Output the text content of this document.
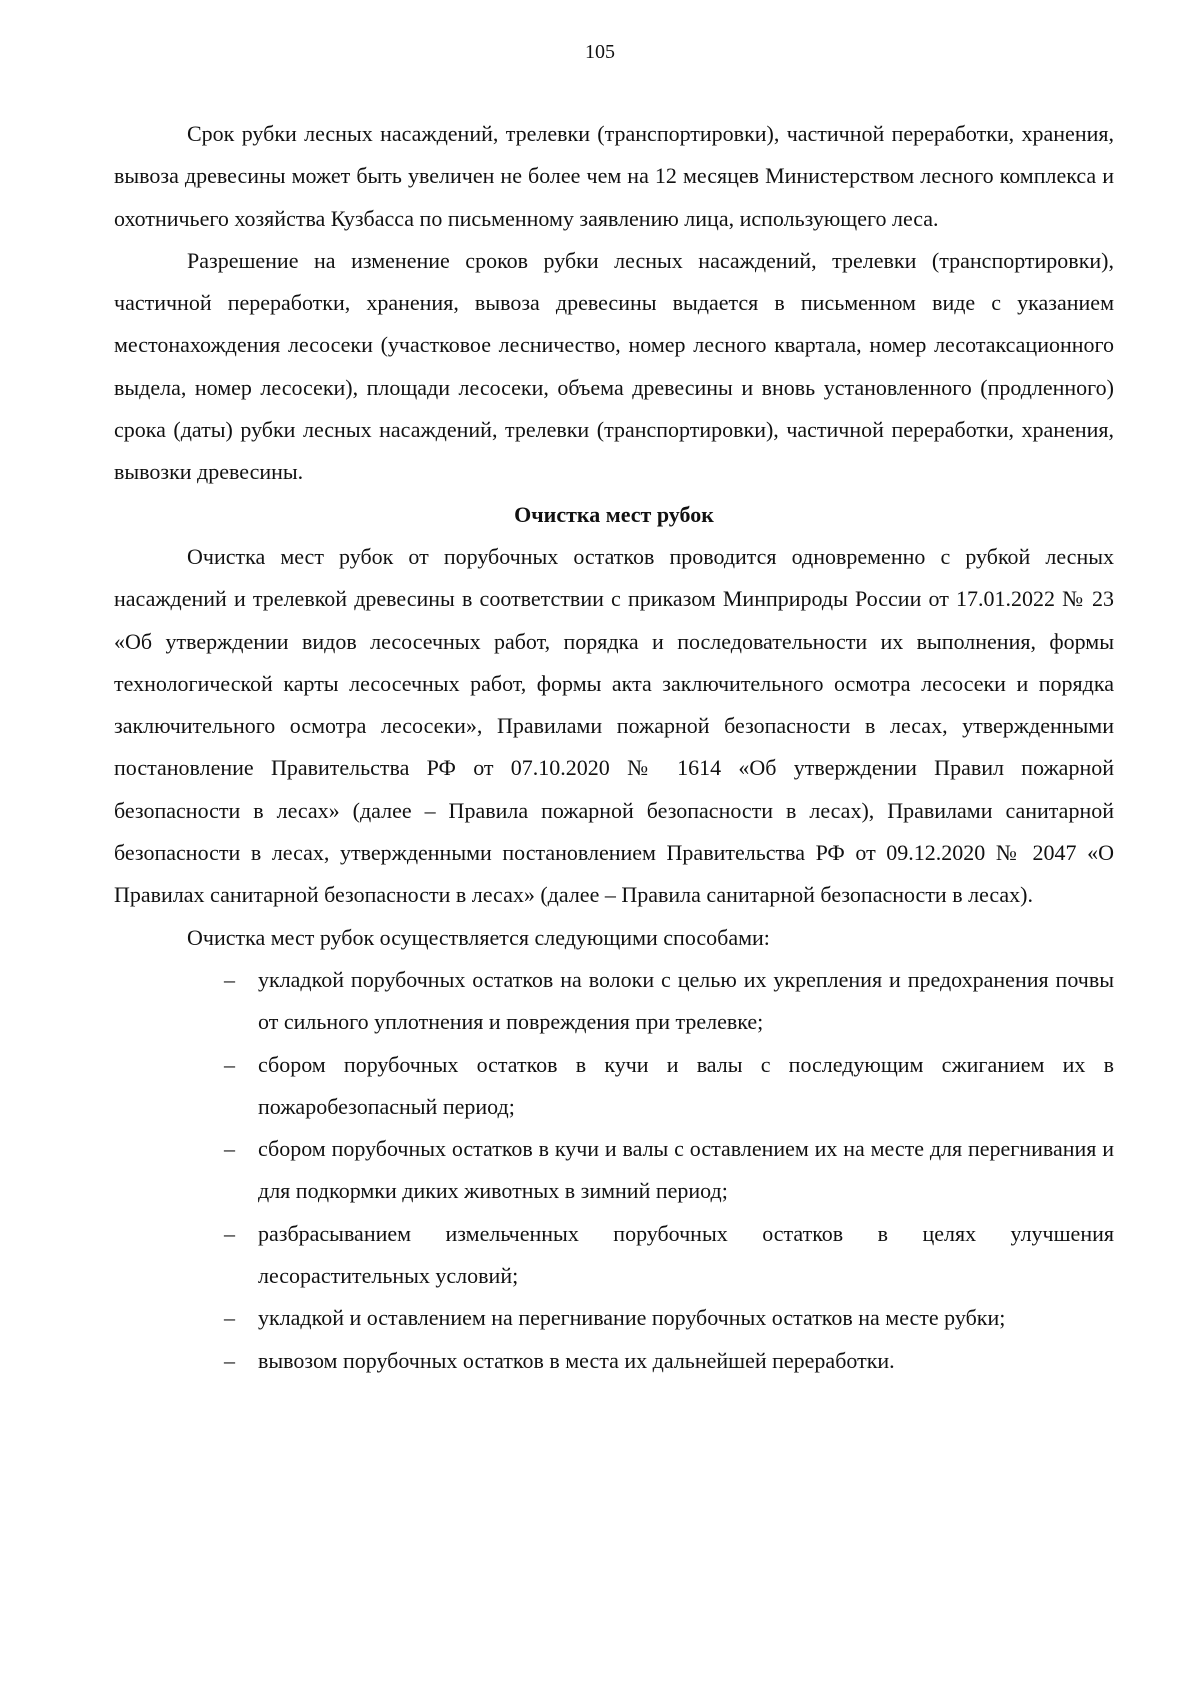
105

Срок рубки лесных насаждений, трелевки (транспортировки), частичной переработки, хранения, вывоза древесины может быть увеличен не более чем на 12 месяцев Министерством лесного комплекса и охотничьего хозяйства Кузбасса по письменному заявлению лица, использующего леса.

Разрешение на изменение сроков рубки лесных насаждений, трелевки (транспортировки), частичной переработки, хранения, вывоза древесины выдается в письменном виде с указанием местонахождения лесосеки (участковое лесничество, номер лесного квартала, номер лесотаксационного выдела, номер лесосеки), площади лесосеки, объема древесины и вновь установленного (продленного) срока (даты) рубки лесных насаждений, трелевки (транспортировки), частичной переработки, хранения, вывозки древесины.

Очистка мест рубок

Очистка мест рубок от порубочных остатков проводится одновременно с рубкой лесных насаждений и трелевкой древесины в соответствии с приказом Минприроды России от 17.01.2022 № 23 «Об утверждении видов лесосечных работ, порядка и последовательности их выполнения, формы технологической карты лесосечных работ, формы акта заключительного осмотра лесосеки и порядка заключительного осмотра лесосеки», Правилами пожарной безопасности в лесах, утвержденными постановление Правительства РФ от 07.10.2020 № 1614 «Об утверждении Правил пожарной безопасности в лесах» (далее – Правила пожарной безопасности в лесах), Правилами санитарной безопасности в лесах, утвержденными постановлением Правительства РФ от 09.12.2020 № 2047 «О Правилах санитарной безопасности в лесах» (далее – Правила санитарной безопасности в лесах).

Очистка мест рубок осуществляется следующими способами:

– укладкой порубочных остатков на волоки с целью их укрепления и предохранения почвы от сильного уплотнения и повреждения при трелевке;
– сбором порубочных остатков в кучи и валы с последующим сжиганием их в пожаробезопасный период;
– сбором порубочных остатков в кучи и валы с оставлением их на месте для перегнивания и для подкормки диких животных в зимний период;
– разбрасыванием измельченных порубочных остатков в целях улучшения лесорастительных условий;
– укладкой и оставлением на перегнивание порубочных остатков на месте рубки;
– вывозом порубочных остатков в места их дальнейшей переработки.
